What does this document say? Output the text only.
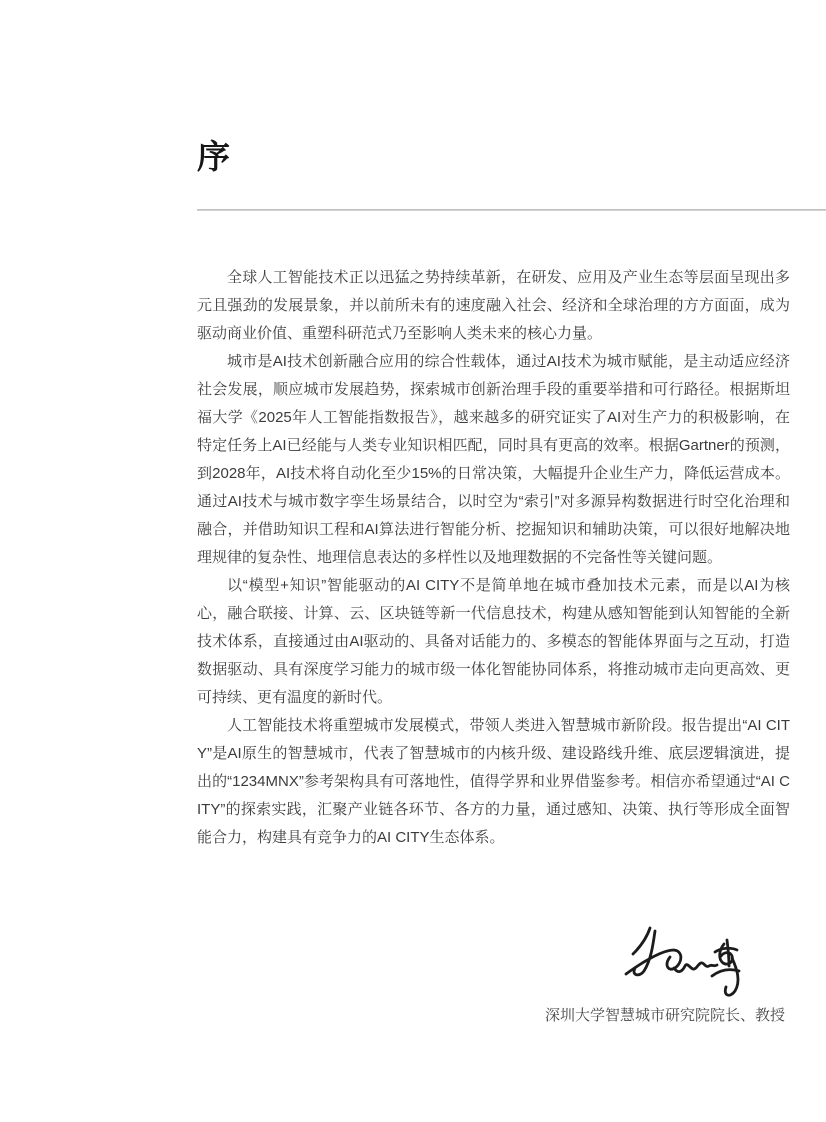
序

全球人工智能技术正以迅猛之势持续革新，在研发、应用及产业生态等层面呈现出多元且强劲的发展景象，并以前所未有的速度融入社会、经济和全球治理的方方面面，成为驱动商业价值、重塑科研范式乃至影响人类未来的核心力量。

城市是AI技术创新融合应用的综合性载体，通过AI技术为城市赋能，是主动适应经济社会发展，顺应城市发展趋势，探索城市创新治理手段的重要举措和可行路径。根据斯坦福大学《2025年人工智能指数报告》，越来越多的研究证实了AI对生产力的积极影响，在特定任务上AI已经能与人类专业知识相匹配，同时具有更高的效率。根据Gartner的预测，到2028年，AI技术将自动化至少15%的日常决策，大幅提升企业生产力，降低运营成本。通过AI技术与城市数字孪生场景结合，以时空为“索引”对多源异构数据进行时空化治理和融合，并借助知识工程和AI算法进行智能分析、挖掘知识和辅助决策，可以很好地解决地理规律的复杂性、地理信息表达的多样性以及地理数据的不完备性等关键问题。

以“模型+知识”智能驱动的AI CITY不是简单地在城市叠加技术元素，而是以AI为核心，融合联接、计算、云、区块链等新一代信息技术，构建从感知智能到认知智能的全新技术体系，直接通过由AI驱动的、具备对话能力的、多模态的智能体界面与之互动，打造数据驱动、具有深度学习能力的城市级一体化智能协同体系，将推动城市走向更高效、更可持续、更有温度的新时代。

人工智能技术将重塑城市发展模式，带领人类进入智慧城市新阶段。报告提出“AI CITY”是AI原生的智慧城市，代表了智慧城市的内核升级、建设路线升维、底层逻辑演进，提出的“1234MNX”参考架构具有可落地性，值得学界和业界借鉴参考。相信亦希望通过“AI CITY”的探索实践，汇聚产业链各环节、各方的力量，通过感知、决策、执行等形成全面智能合力，构建具有竞争力的AI CITY生态体系。

深圳大学智慧城市研究院院长、教授
